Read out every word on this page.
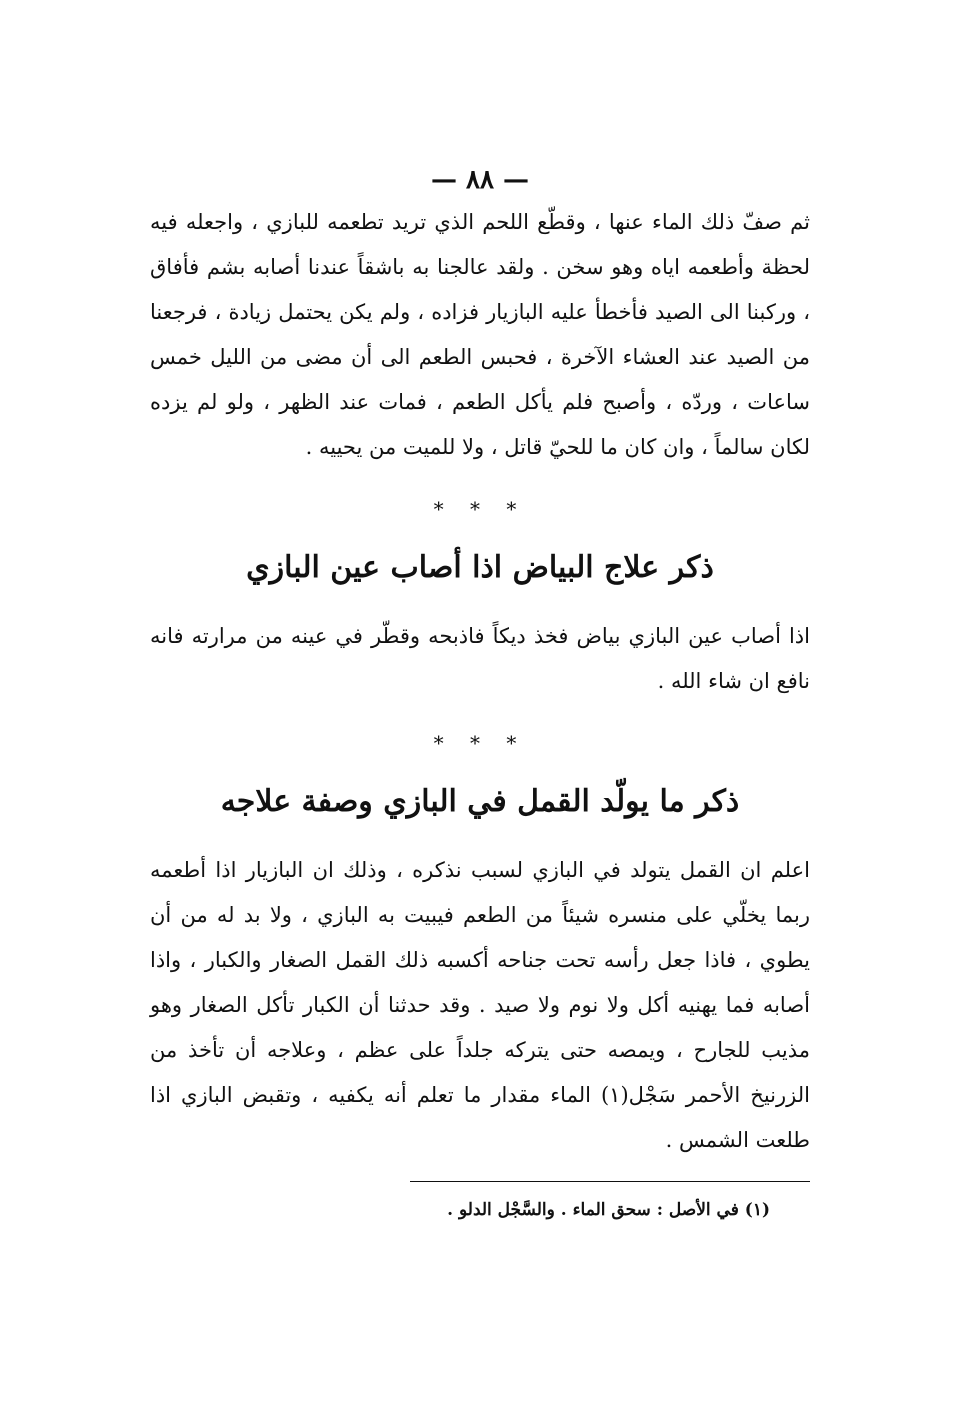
— ٨٨ —

ثم صفّ ذلك الماء عنها ، وقطّع اللحم الذي تريد تطعمه للبازي ، واجعله فيه لحظة وأطعمه اياه وهو سخن . ولقد عالجنا به باشقاً عندنا أصابه بشم فأفاق ، وركبنا الى الصيد فأخطأ عليه البازيار فزاده ، ولم يكن يحتمل زيادة ، فرجعنا من الصيد عند العشاء الآخرة ، فحبس الطعم الى أن مضى من الليل خمس ساعات ، وردّه ، وأصبح فلم يأكل الطعم ، فمات عند الظهر ، ولو لم يزده لكان سالماً ، وان كان ما للحيّ قاتل ، ولا للميت من يحييه .

* * *
ذكر علاج البياض اذا أصاب عين البازي

اذا أصاب عين البازي بياض فخذ ديكاً فاذبحه وقطّر في عينه من مرارته فانه نافع ان شاء الله .

* * *
ذكر ما يولّد القمل في البازي وصفة علاجه

اعلم ان القمل يتولد في البازي لسبب نذكره ، وذلك ان البازيار اذا أطعمه ربما يخلّي على منسره شيئاً من الطعم فيبيت به البازي ، ولا بد له من أن يطوي ، فاذا جعل رأسه تحت جناحه أكسبه ذلك القمل الصغار والكبار ، واذا أصابه فما يهنيه أكل ولا نوم ولا صيد . وقد حدثنا أن الكبار تأكل الصغار وهو مذيب للجارح ، ويمصه حتى يتركه جلداً على عظم ، وعلاجه أن تأخذ من الزرنيخ الأحمر سَجْل(١) الماء مقدار ما تعلم أنه يكفيه ، وتقبض البازي اذا طلعت الشمس .

(١) في الأصل : سحق الماء . والسَّجْل الدلو .
